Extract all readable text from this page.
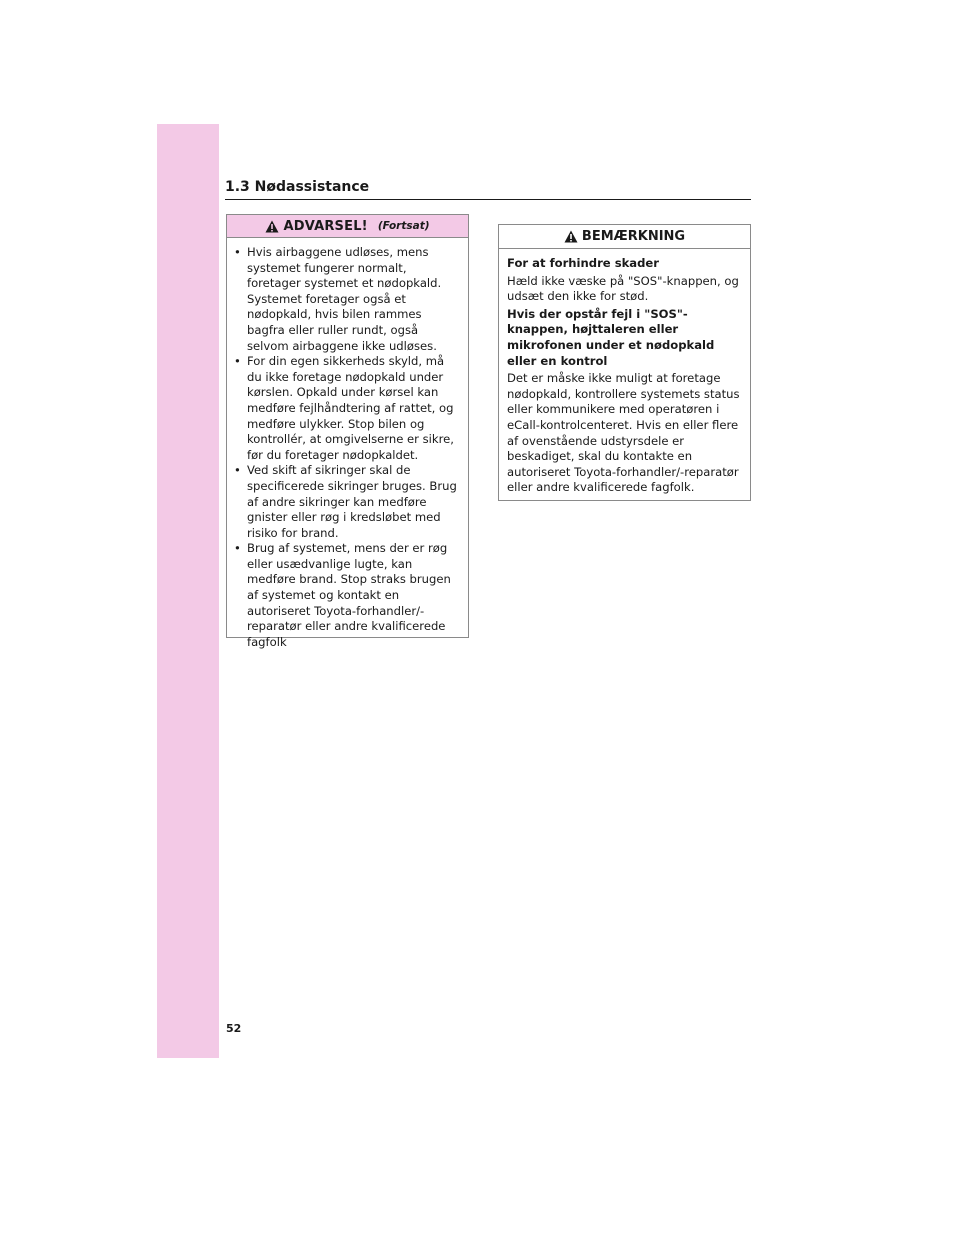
1.3 Nødassistance
ADVARSEL! (Fortsat)
• Hvis airbaggene udløses, mens systemet fungerer normalt, foretager systemet et nødopkald. Systemet foretager også et nødopkald, hvis bilen rammes bagfra eller ruller rundt, også selvom airbaggene ikke udløses.
• For din egen sikkerheds skyld, må du ikke foretage nødopkald under kørslen. Opkald under kørsel kan medføre fejlhåndtering af rattet, og medføre ulykker. Stop bilen og kontrollér, at omgivelserne er sikre, før du foretager nødopkaldet.
• Ved skift af sikringer skal de specificerede sikringer bruges. Brug af andre sikringer kan medføre gnister eller røg i kredsløbet med risiko for brand.
• Brug af systemet, mens der er røg eller usædvanlige lugte, kan medføre brand. Stop straks brugen af systemet og kontakt en autoriseret Toyota-forhandler/-reparatør eller andre kvalificerede fagfolk
BEMÆRKNING

For at forhindre skader

Hæld ikke væske på "SOS"-knappen, og udsæt den ikke for stød.

Hvis der opstår fejl i "SOS"-knappen, højttaleren eller mikrofonen under et nødopkald eller en kontrol

Det er måske ikke muligt at foretage nødopkald, kontrollere systemets status eller kommunikere med operatøren i eCall-kontrolcenteret. Hvis en eller flere af ovenstående udstyrsdele er beskadiget, skal du kontakte en autoriseret Toyota-forhandler/-reparatør eller andre kvalificerede fagfolk.

52
